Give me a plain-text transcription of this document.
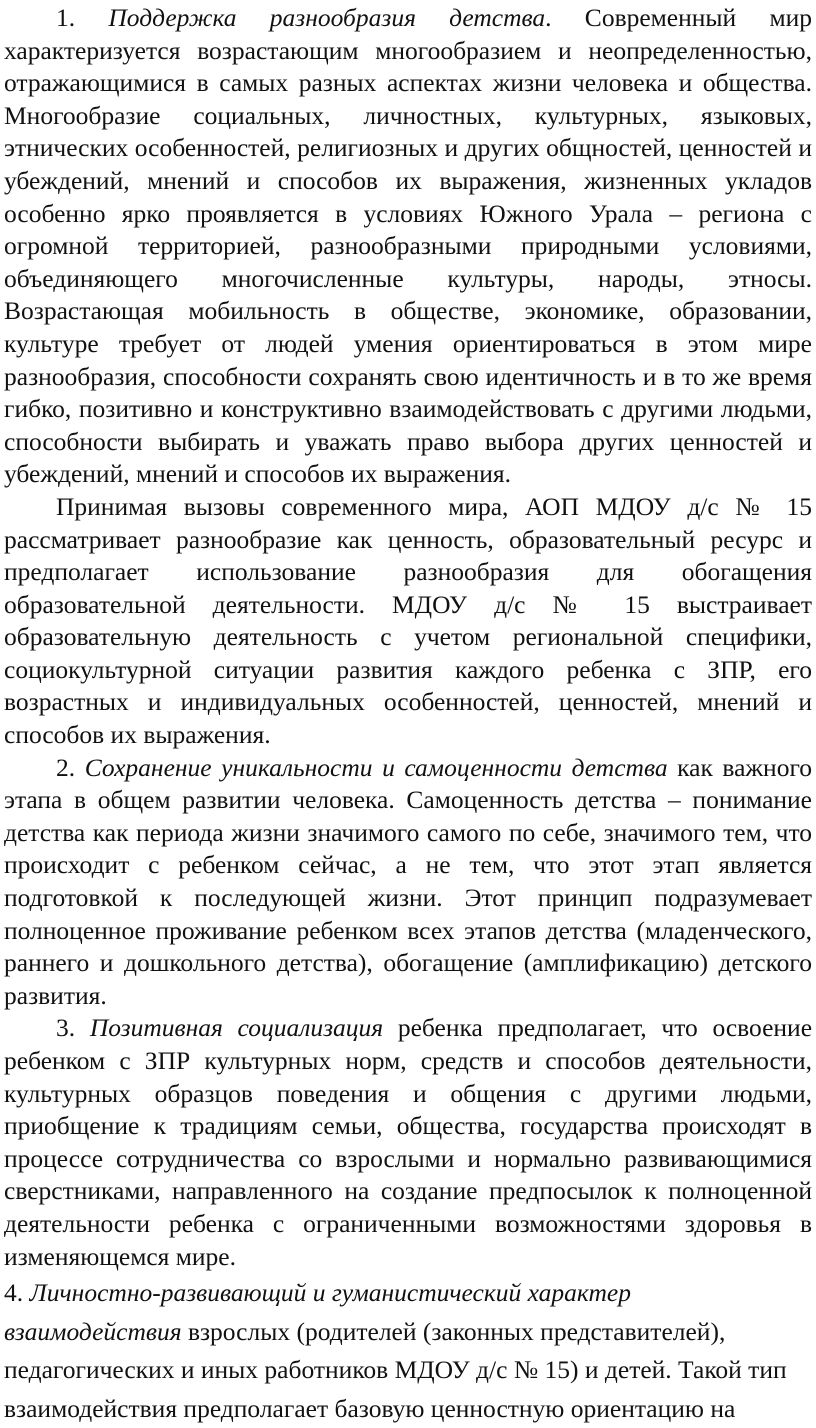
1. Поддержка разнообразия детства. Современный мир характеризуется возрастающим многообразием и неопределенностью, отражающимися в самых разных аспектах жизни человека и общества. Многообразие социальных, личностных, культурных, языковых, этнических особенностей, религиозных и других общностей, ценностей и убеждений, мнений и способов их выражения, жизненных укладов особенно ярко проявляется в условиях Южного Урала – региона с огромной территорией, разнообразными природными условиями, объединяющего многочисленные культуры, народы, этносы. Возрастающая мобильность в обществе, экономике, образовании, культуре требует от людей умения ориентироваться в этом мире разнообразия, способности сохранять свою идентичность и в то же время гибко, позитивно и конструктивно взаимодействовать с другими людьми, способности выбирать и уважать право выбора других ценностей и убеждений, мнений и способов их выражения.

Принимая вызовы современного мира, АОП МДОУ д/с № 15 рассматривает разнообразие как ценность, образовательный ресурс и предполагает использование разнообразия для обогащения образовательной деятельности. МДОУ д/с № 15 выстраивает образовательную деятельность с учетом региональной специфики, социокультурной ситуации развития каждого ребенка с ЗПР, его возрастных и индивидуальных особенностей, ценностей, мнений и способов их выражения.

2. Сохранение уникальности и самоценности детства как важного этапа в общем развитии человека. Самоценность детства – понимание детства как периода жизни значимого самого по себе, значимого тем, что происходит с ребенком сейчас, а не тем, что этот этап является подготовкой к последующей жизни. Этот принцип подразумевает полноценное проживание ребенком всех этапов детства (младенческого, раннего и дошкольного детства), обогащение (амплификацию) детского развития.

3. Позитивная социализация ребенка предполагает, что освоение ребенком с ЗПР культурных норм, средств и способов деятельности, культурных образцов поведения и общения с другими людьми, приобщение к традициям семьи, общества, государства происходят в процессе сотрудничества со взрослыми и нормально развивающимися сверстниками, направленного на создание предпосылок к полноценной деятельности ребенка с ограниченными возможностями здоровья в изменяющемся мире.

4. Личностно-развивающий и гуманистический характер взаимодействия взрослых (родителей (законных представителей), педагогических и иных работников МДОУ д/с № 15) и детей. Такой тип взаимодействия предполагает базовую ценностную ориентацию на
